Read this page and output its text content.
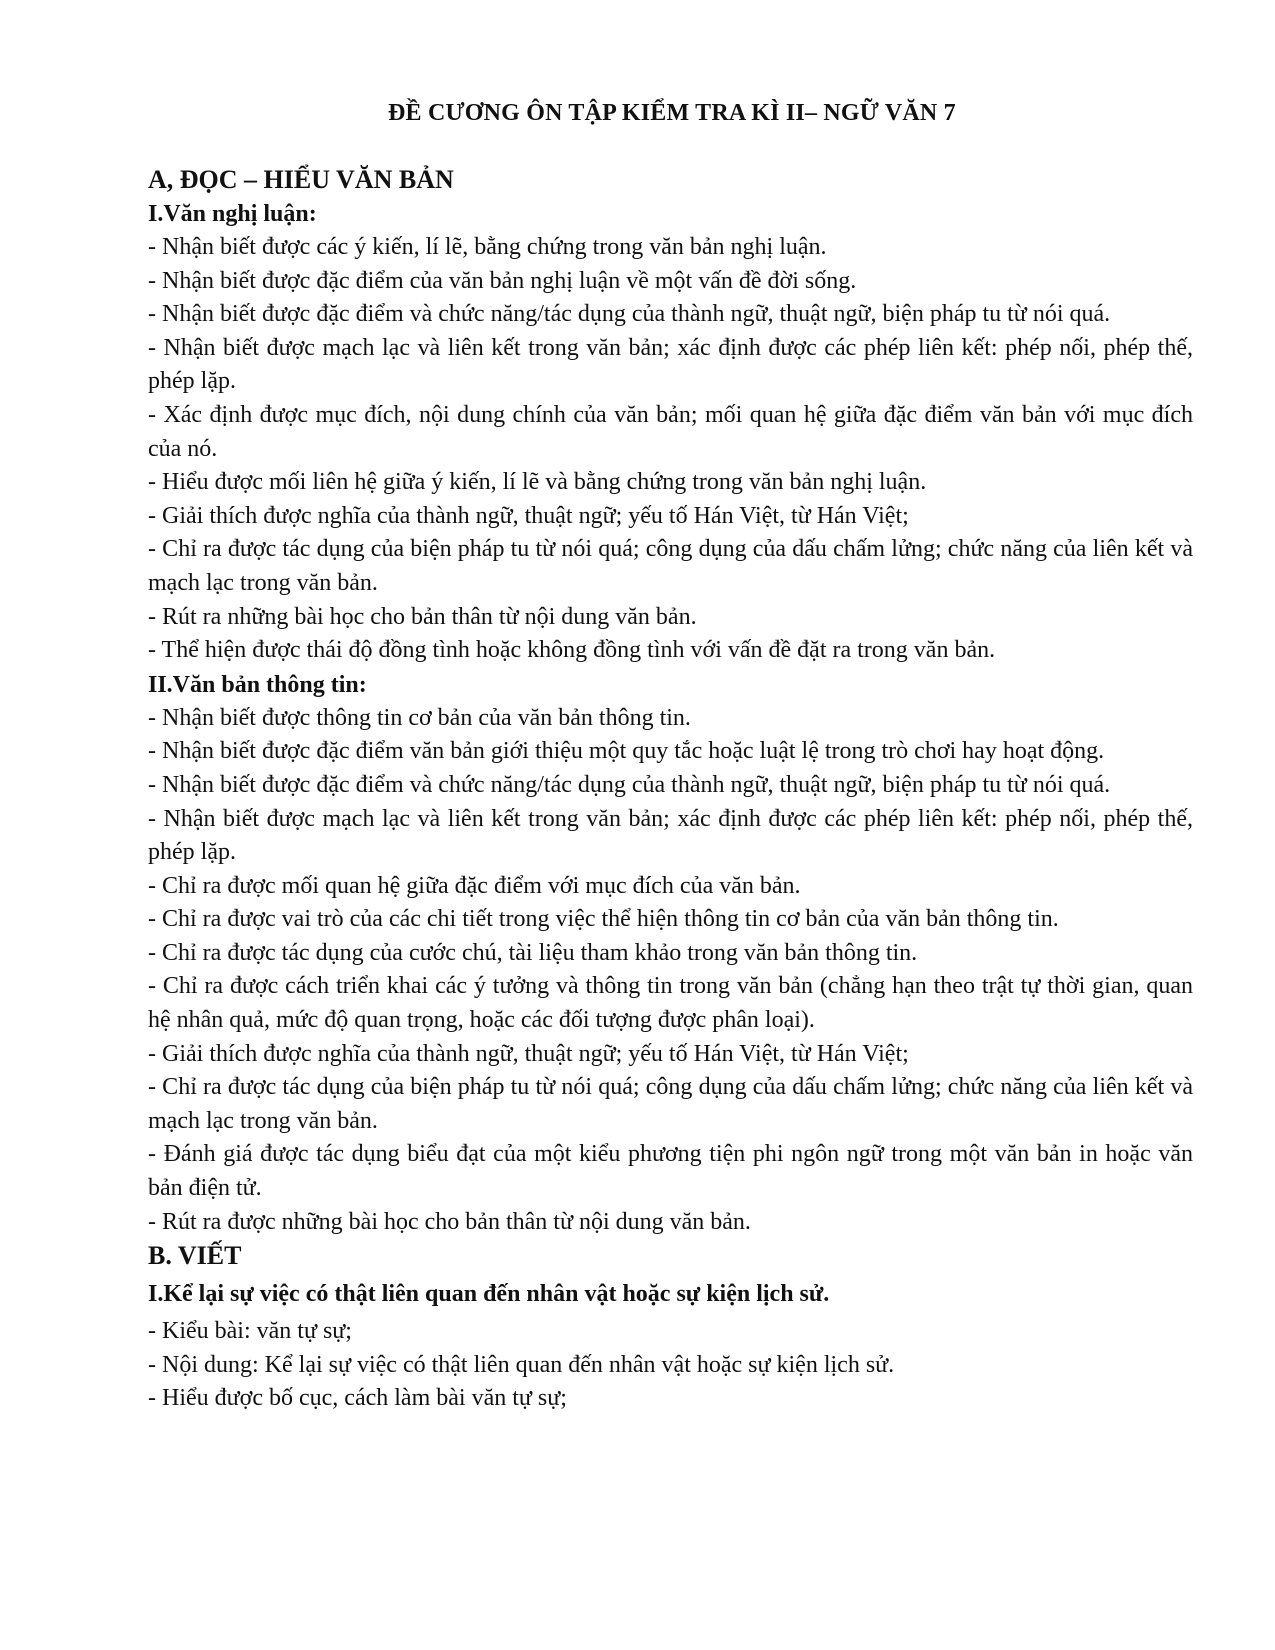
ĐỀ CƯƠNG ÔN TẬP KIỂM TRA KÌ II– NGỮ VĂN 7
A, ĐỌC – HIỂU VĂN BẢN
I.Văn nghị luận:
- Nhận biết được các ý kiến, lí lẽ, bằng chứng trong văn bản nghị luận.
- Nhận biết được đặc điểm của văn bản nghị luận về một vấn đề đời sống.
- Nhận biết được đặc điểm và chức năng/tác dụng của thành ngữ, thuật ngữ, biện pháp tu từ nói quá.
- Nhận biết được mạch lạc và liên kết trong văn bản; xác định được các phép liên kết: phép nối, phép thế, phép lặp.
- Xác định được mục đích, nội dung chính của văn bản; mối quan hệ giữa đặc điểm văn bản với mục đích của nó.
- Hiểu được mối liên hệ giữa ý kiến, lí lẽ và bằng chứng trong văn bản nghị luận.
- Giải thích được nghĩa của thành ngữ, thuật ngữ; yếu tố Hán Việt, từ Hán Việt;
- Chỉ ra được tác dụng của biện pháp tu từ nói quá; công dụng của dấu chấm lửng; chức năng của liên kết và mạch lạc trong văn bản.
- Rút ra những bài học cho bản thân từ nội dung văn bản.
- Thể hiện được thái độ đồng tình hoặc không đồng tình với vấn đề đặt ra trong văn bản.
II.Văn bản thông tin:
- Nhận biết được thông tin cơ bản của văn bản thông tin.
- Nhận biết được đặc điểm văn bản giới thiệu một quy tắc hoặc luật lệ trong trò chơi hay hoạt động.
- Nhận biết được đặc điểm và chức năng/tác dụng của thành ngữ, thuật ngữ, biện pháp tu từ nói quá.
- Nhận biết được mạch lạc và liên kết trong văn bản; xác định được các phép liên kết: phép nối, phép thế, phép lặp.
- Chỉ ra được mối quan hệ giữa đặc điểm với mục đích của văn bản.
- Chỉ ra được vai trò của các chi tiết trong việc thể hiện thông tin cơ bản của văn bản thông tin.
- Chỉ ra được tác dụng của cước chú, tài liệu tham khảo trong văn bản thông tin.
- Chỉ ra được cách triển khai các ý tưởng và thông tin trong văn bản (chẳng hạn theo trật tự thời gian, quan hệ nhân quả, mức độ quan trọng, hoặc các đối tượng được phân loại).
- Giải thích được nghĩa của thành ngữ, thuật ngữ; yếu tố Hán Việt, từ Hán Việt;
- Chỉ ra được tác dụng của biện pháp tu từ nói quá; công dụng của dấu chấm lửng; chức năng của liên kết và mạch lạc trong văn bản.
- Đánh giá được tác dụng biểu đạt của một kiểu phương tiện phi ngôn ngữ trong một văn bản in hoặc văn bản điện tử.
- Rút ra được những bài học cho bản thân từ nội dung văn bản.
B. VIẾT
I.Kể lại sự việc có thật liên quan đến nhân vật hoặc sự kiện lịch sử.
- Kiểu bài: văn tự sự;
- Nội dung: Kể lại sự việc có thật liên quan đến nhân vật hoặc sự kiện lịch sử.
- Hiểu được bố cục, cách làm bài văn tự sự;
